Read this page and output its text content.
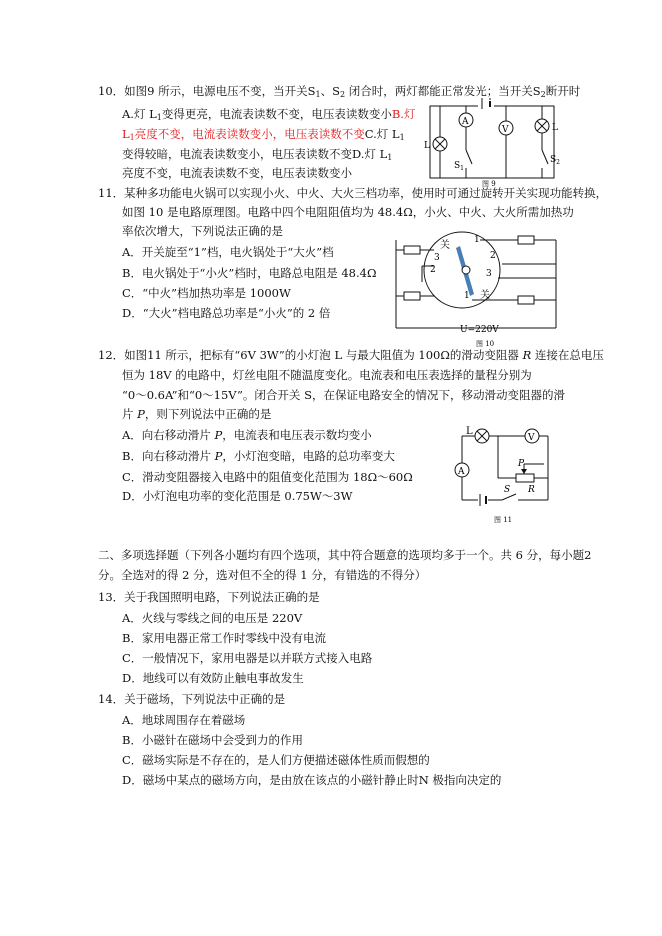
10．如图9 所示，电源电压不变，当开关$S_1$、$S_2$ 闭合时，两灯都能正常发光；当开关$S_2$断开时
A.灯 $L_1$变得更亮，电流表读数不变，电压表读数变小B.灯
$L_1$亮度不变，电流表读数变小，电压表读数不变C.灯 $L_1$
变得较暗，电流表读数变小，电压表读数不变D.灯 $L_1$
亮度不变，电流表读数不变，电压表读数变小
A
V	L
L
$S_1$
$S_2$
图 9
11．某种多功能电火锅可以实现小火、中火、大火三档功率，使用时可通过旋转开关实现功能转换，
如图 10 是电路原理图。电路中四个电阻阻值均为 48.4Ω，小火、中火、大火所需加热功
率依次增大，下列说法正确的是
A．开关旋至“1”档，电火锅处于“大火”档
B．电火锅处于“小火”档时，电路总电阻是 48.4Ω
C．“中火”档加热功率是 1000W
D．“大火”档电路总功率是“小火”的 2 倍
关
关
1
2
3
1
2
3
U=220V
图 10
12．如图11 所示，把标有“6V 3W”的小灯泡 L 与最大阻值为 100Ω的滑动变阻器 R 连接在总电压
恒为 18V 的电路中，灯丝电阻不随温度变化。电流表和电压表选择的量程分别为
“0～0.6A”和“0～15V”。闭合开关 S，在保证电路安全的情况下，移动滑动变阻器的滑
片 P，则下列说法中正确的是
A．向右移动滑片 P，电流表和电压表示数均变小
B．向右移动滑片 P，小灯泡变暗，电路的总功率变大
C．滑动变阻器接入电路中的阻值变化范围为 18Ω～60Ω
D．小灯泡电功率的变化范围是 0.75W～3W
L
V
A
P
R
S
图 11
二、多项选择题（下列各小题均有四个选项，其中符合题意的选项均多于一个。共 6 分，每小题2
分。全选对的得 2 分，选对但不全的得 1 分，有错选的不得分）
13．关于我国照明电路，下列说法正确的是
A．火线与零线之间的电压是 220V
B．家用电器正常工作时零线中没有电流
C．一般情况下，家用电器是以并联方式接入电路
D．地线可以有效防止触电事故发生
14．关于磁场，下列说法中正确的是
A．地球周围存在着磁场
B．小磁针在磁场中会受到力的作用
C．磁场实际是不存在的，是人们方便描述磁体性质而假想的
D．磁场中某点的磁场方向，是由放在该点的小磁针静止时N 极指向决定的
